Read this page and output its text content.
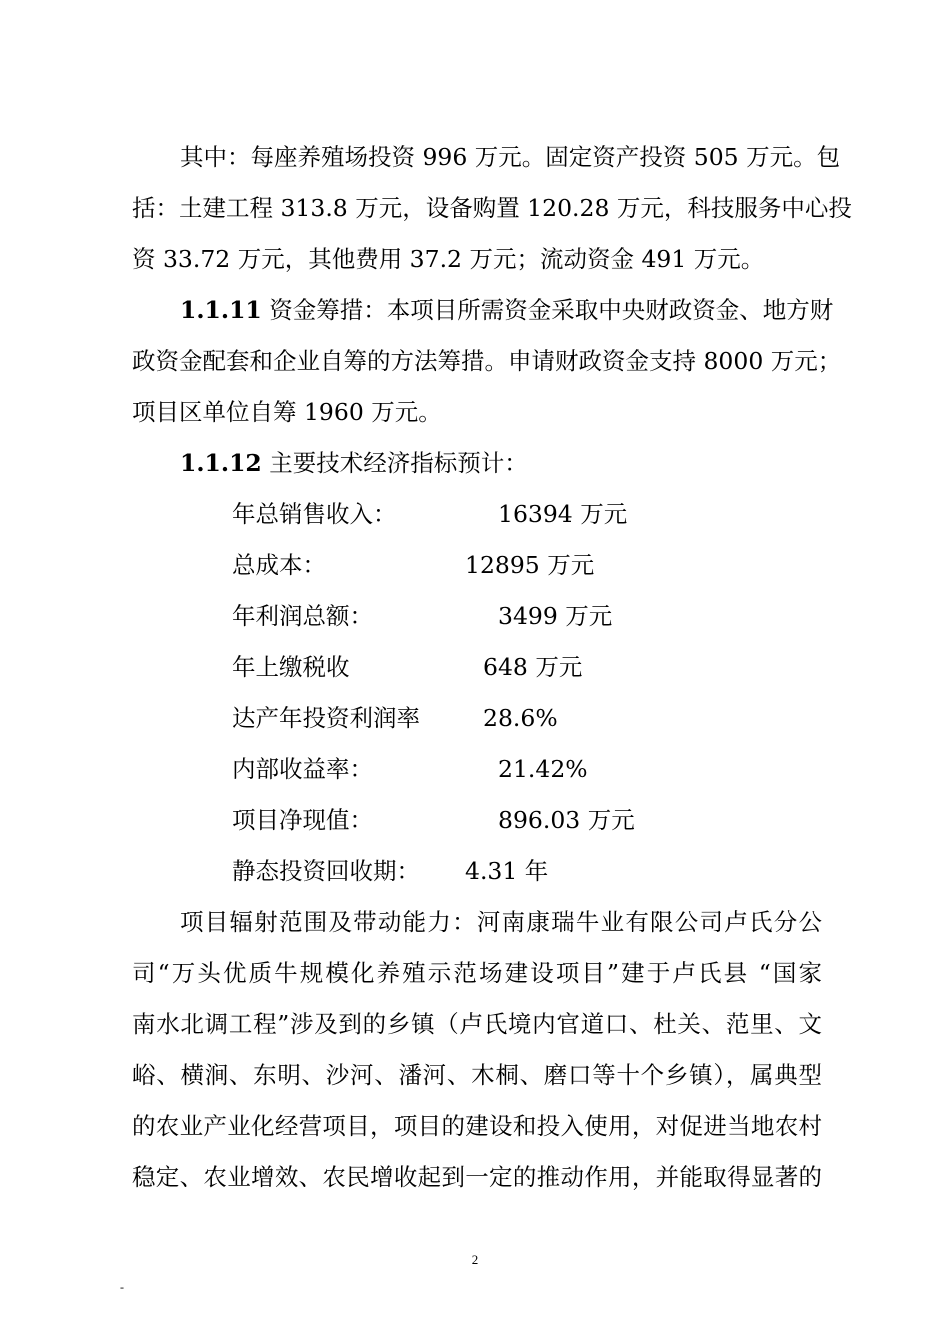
其中：每座养殖场投资 996 万元。固定资产投资 505 万元。包
括：土建工程 313.8 万元，设备购置 120.28 万元，科技服务中心投
资 33.72 万元，其他费用 37.2 万元；流动资金 491 万元。
1.1.11 资金筹措：本项目所需资金采取中央财政资金、地方财
政资金配套和企业自筹的方法筹措。申请财政资金支持 8000 万元；
项目区单位自筹 1960 万元。
1.1.12 主要技术经济指标预计：
年总销售收入：	16394 万元
总成本：	12895 万元
年利润总额：	3499 万元
年上缴税收	648 万元
达产年投资利润率	28.6%
内部收益率：	21.42%
项目净现值：	896.03 万元
静态投资回收期： 4.31 年
项目辐射范围及带动能力：河南康瑞牛业有限公司卢氏分公
司“万头优质牛规模化养殖示范场建设项目”建于卢氏县 “国家
南水北调工程”涉及到的乡镇（卢氏境内官道口、杜关、范里、文
峪、横涧、东明、沙河、潘河、木桐、磨口等十个乡镇），属典型
的农业产业化经营项目，项目的建设和投入使用，对促进当地农村
稳定、农业增效、农民增收起到一定的推动作用，并能取得显著的
2
-
